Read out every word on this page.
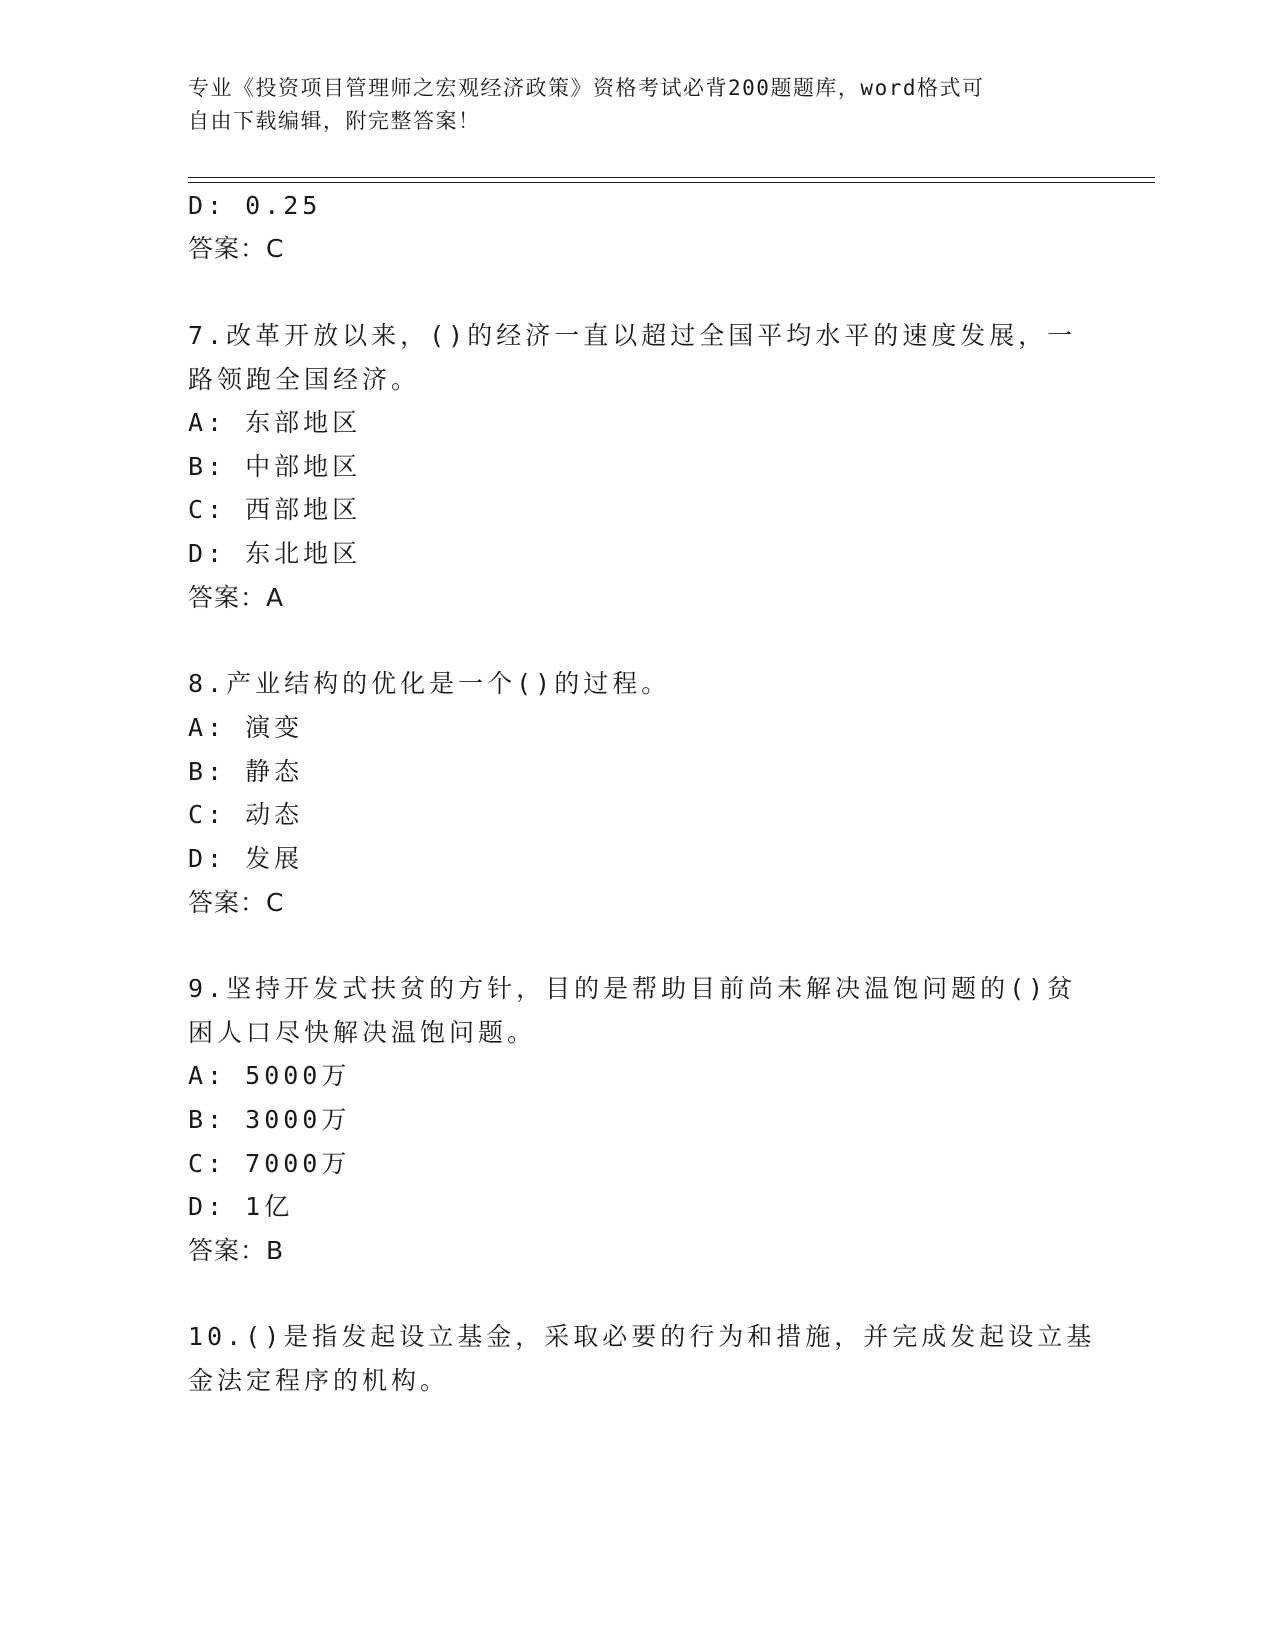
专业《投资项目管理师之宏观经济政策》资格考试必背200题题库，word格式可
自由下载编辑，附完整答案！
D: 0.25
答案：C
7.改革开放以来，()的经济一直以超过全国平均水平的速度发展，一
路领跑全国经济。
A: 东部地区
B: 中部地区
C: 西部地区
D: 东北地区
答案：A
8.产业结构的优化是一个()的过程。
A: 演变
B: 静态
C: 动态
D: 发展
答案：C
9.坚持开发式扶贫的方针，目的是帮助目前尚未解决温饱问题的()贫
困人口尽快解决温饱问题。
A: 5000万
B: 3000万
C: 7000万
D: 1亿
答案：B
10.()是指发起设立基金，采取必要的行为和措施，并完成发起设立基
金法定程序的机构。
